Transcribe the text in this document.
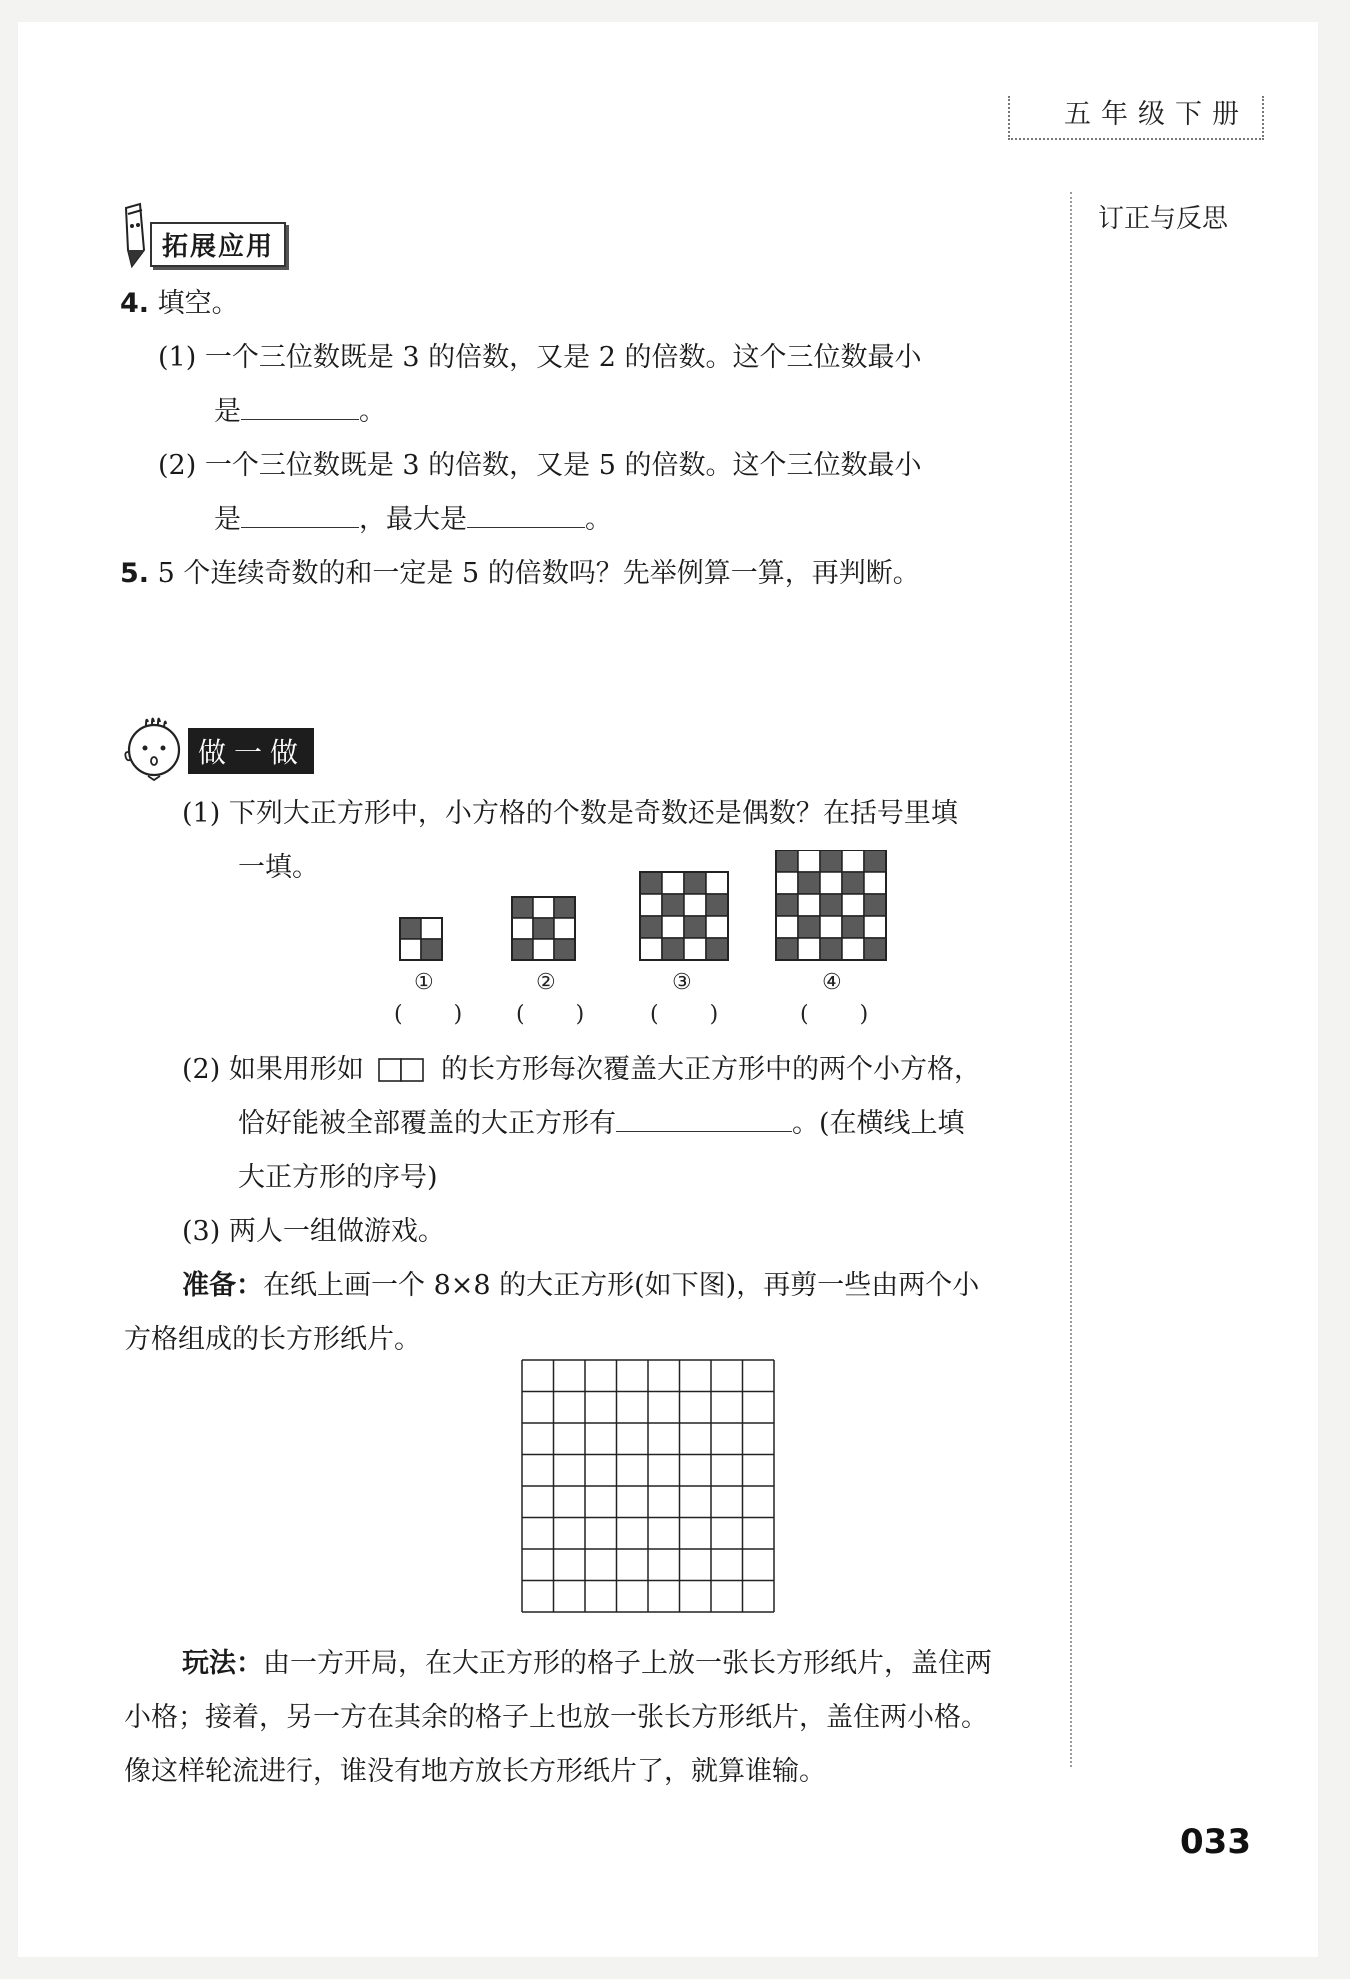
五年级下册
订正与反思
拓展应用
4. 填空。
(1) 一个三位数既是 3 的倍数，又是 2 的倍数。这个三位数最小
是	。
(2) 一个三位数既是 3 的倍数，又是 5 的倍数。这个三位数最小
是	，最大是	。
5. 5 个连续奇数的和一定是 5 的倍数吗？先举例算一算，再判断。
做一做
(1) 下列大正方形中，小方格的个数是奇数还是偶数？在括号里填
一填。
①	②	③	④
( ) ( ) ( )	( )
(2) 如果用形如	的长方形每次覆盖大正方形中的两个小方格，
恰好能被全部覆盖的大正方形有	。(在横线上填
大正方形的序号)
(3) 两人一组做游戏。
准备：在纸上画一个 8×8 的大正方形(如下图)，再剪一些由两个小
方格组成的长方形纸片。
玩法：由一方开局，在大正方形的格子上放一张长方形纸片，盖住两
小格；接着，另一方在其余的格子上也放一张长方形纸片，盖住两小格。
像这样轮流进行，谁没有地方放长方形纸片了，就算谁输。
033
